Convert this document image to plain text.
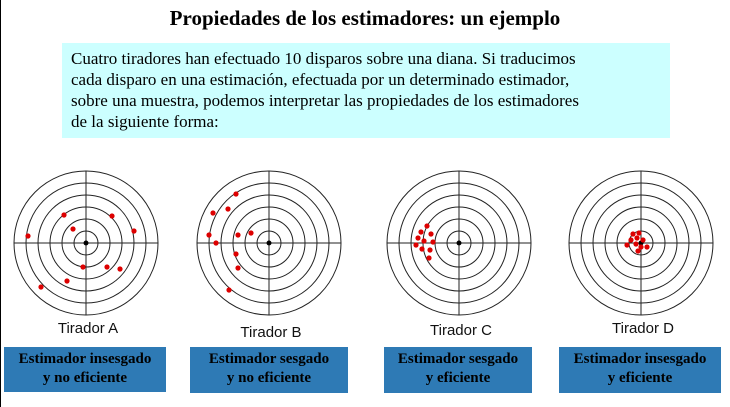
Propiedades de los estimadores: un ejemplo
Cuatro tiradores han efectuado 10 disparos sobre una diana. Si traducimos
cada disparo en una estimación, efectuada por un determinado estimador,
sobre una muestra, podemos interpretar las propiedades de los estimadores
de la siguiente forma:
Tirador A	Tirador B	Tirador C	Tirador D
Estimador insesgado
y no eficiente
Estimador sesgado
y no eficiente
Estimador sesgado
y eficiente
Estimador insesgado
y eficiente
